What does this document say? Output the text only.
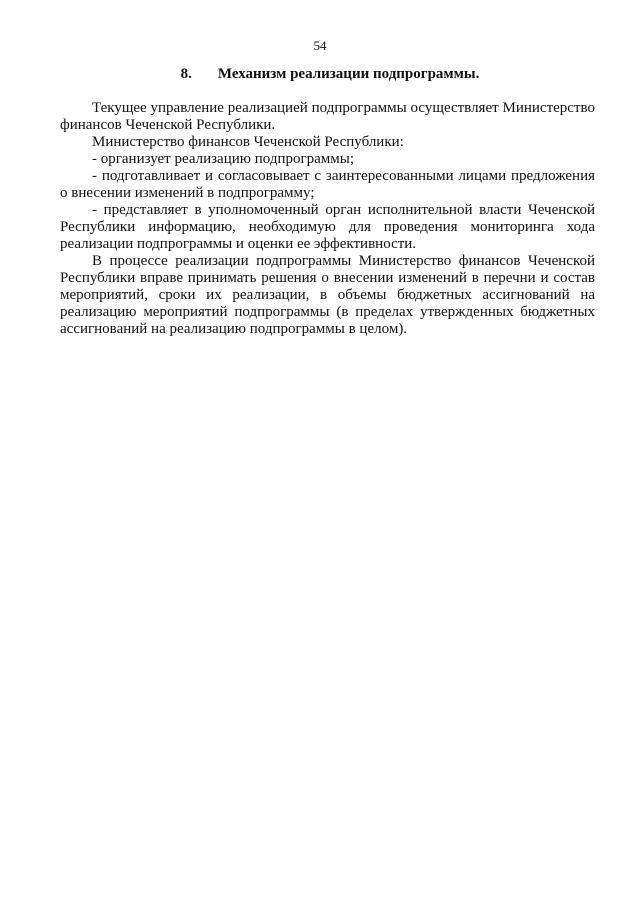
54
8. Механизм реализации подпрограммы.

Текущее управление реализацией подпрограммы осуществляет Министерство финансов Чеченской Республики.

Министерство финансов Чеченской Республики:

- организует реализацию подпрограммы;

- подготавливает и согласовывает с заинтересованными лицами предложения о внесении изменений в подпрограмму;

- представляет в уполномоченный орган исполнительной власти Чеченской Республики информацию, необходимую для проведения мониторинга хода реализации подпрограммы и оценки ее эффективности.

В процессе реализации подпрограммы Министерство финансов Чеченской Республики вправе принимать решения о внесении изменений в перечни и состав мероприятий, сроки их реализации, в объемы бюджетных ассигнований на реализацию мероприятий подпрограммы (в пределах утвержденных бюджетных ассигнований на реализацию подпрограммы в целом).
